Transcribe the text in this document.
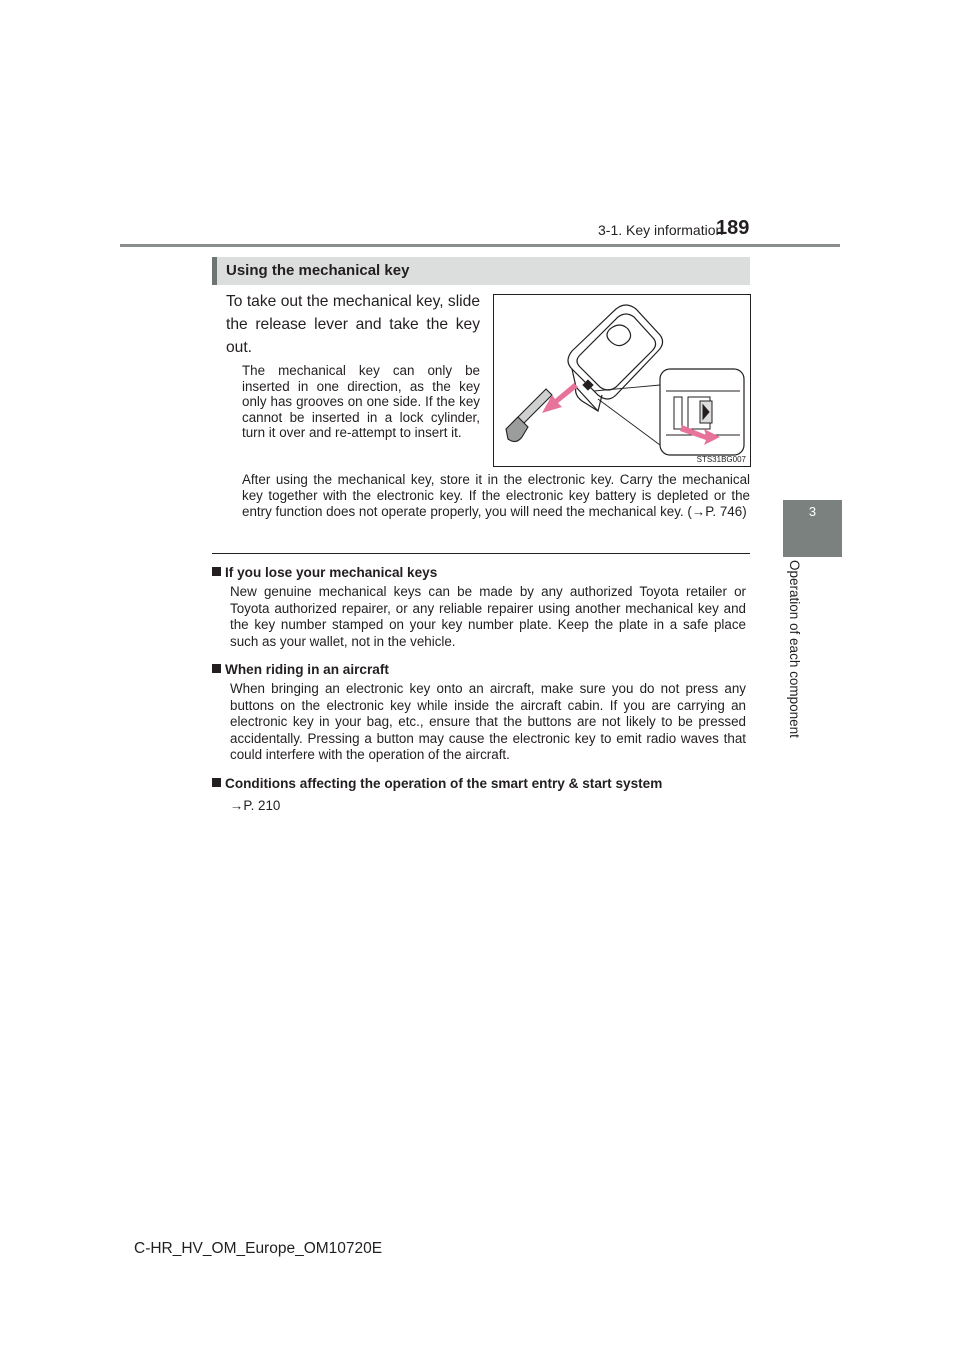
3-1. Key information
189
3
Operation of each component
Using the mechanical key
To take out the mechanical key, slide the release lever and take the key out.
The mechanical key can only be inserted in one direction, as the key only has grooves on one side. If the key cannot be inserted in a lock cylinder, turn it over and re-attempt to insert it.
STS31BG007
After using the mechanical key, store it in the electronic key. Carry the mechanical key together with the electronic key. If the electronic key battery is depleted or the entry function does not operate properly, you will need the mechanical key. (→P. 746)
If you lose your mechanical keys
New genuine mechanical keys can be made by any authorized Toyota retailer or Toyota authorized repairer, or any reliable repairer using another mechanical key and the key number stamped on your key number plate. Keep the plate in a safe place such as your wallet, not in the vehicle.
When riding in an aircraft
When bringing an electronic key onto an aircraft, make sure you do not press any buttons on the electronic key while inside the aircraft cabin. If you are carrying an electronic key in your bag, etc., ensure that the buttons are not likely to be pressed accidentally. Pressing a button may cause the electronic key to emit radio waves that could interfere with the operation of the aircraft.
Conditions affecting the operation of the smart entry & start system
→P. 210
C-HR_HV_OM_Europe_OM10720E
